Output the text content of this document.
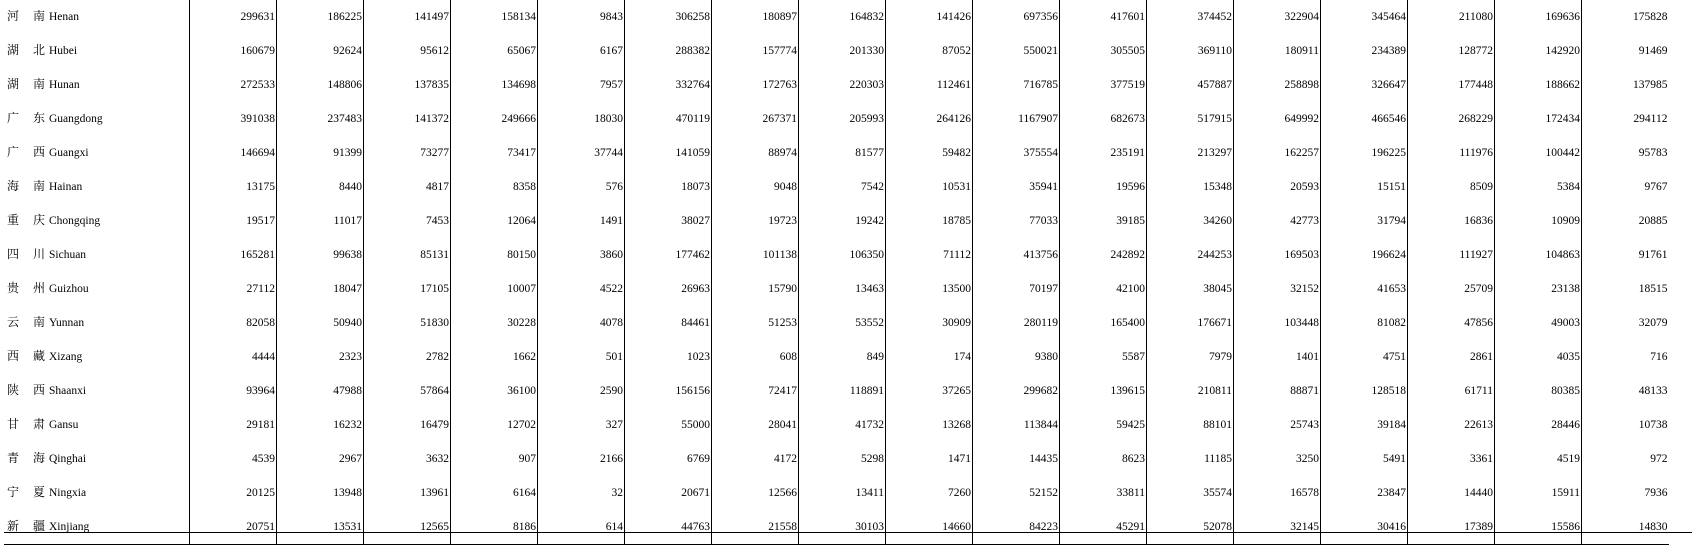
河 南 Henan	299631	186225	141497	158134	9843	306258	180897	164832	141426	697356	417601	374452	322904	345464	211080	169636	175828
湖 北 Hubei	160679	92624	95612	65067	6167	288382	157774	201330	87052	550021	305505	369110	180911	234389	128772	142920	91469
湖 南 Hunan	272533	148806	137835	134698	7957	332764	172763	220303	112461	716785	377519	457887	258898	326647	177448	188662	137985
广 东 Guangdong	391038	237483	141372	249666	18030	470119	267371	205993	264126	1167907	682673	517915	649992	466546	268229	172434	294112
广 西 Guangxi	146694	91399	73277	73417	37744	141059	88974	81577	59482	375554	235191	213297	162257	196225	111976	100442	95783
海 南 Hainan	13175	8440	4817	8358	576	18073	9048	7542	10531	35941	19596	15348	20593	15151	8509	5384	9767
重 庆 Chongqing	19517	11017	7453	12064	1491	38027	19723	19242	18785	77033	39185	34260	42773	31794	16836	10909	20885
四 川 Sichuan	165281	99638	85131	80150	3860	177462	101138	106350	71112	413756	242892	244253	169503	196624	111927	104863	91761
贵 州 Guizhou	27112	18047	17105	10007	4522	26963	15790	13463	13500	70197	42100	38045	32152	41653	25709	23138	18515
云 南 Yunnan	82058	50940	51830	30228	4078	84461	51253	53552	30909	280119	165400	176671	103448	81082	47856	49003	32079
西 藏 Xizang	4444	2323	2782	1662	501	1023	608	849	174	9380	5587	7979	1401	4751	2861	4035	716
陕 西 Shaanxi	93964	47988	57864	36100	2590	156156	72417	118891	37265	299682	139615	210811	88871	128518	61711	80385	48133
甘 肃 Gansu	29181	16232	16479	12702	327	55000	28041	41732	13268	113844	59425	88101	25743	39184	22613	28446	10738
青 海 Qinghai	4539	2967	3632	907	2166	6769	4172	5298	1471	14435	8623	11185	3250	5491	3361	4519	972
宁 夏 Ningxia	20125	13948	13961	6164	32	20671	12566	13411	7260	52152	33811	35574	16578	23847	14440	15911	7936
新 疆 Xinjiang	20751	13531	12565	8186	614	44763	21558	30103	14660	84223	45291	52078	32145	30416	17389	15586	14830
